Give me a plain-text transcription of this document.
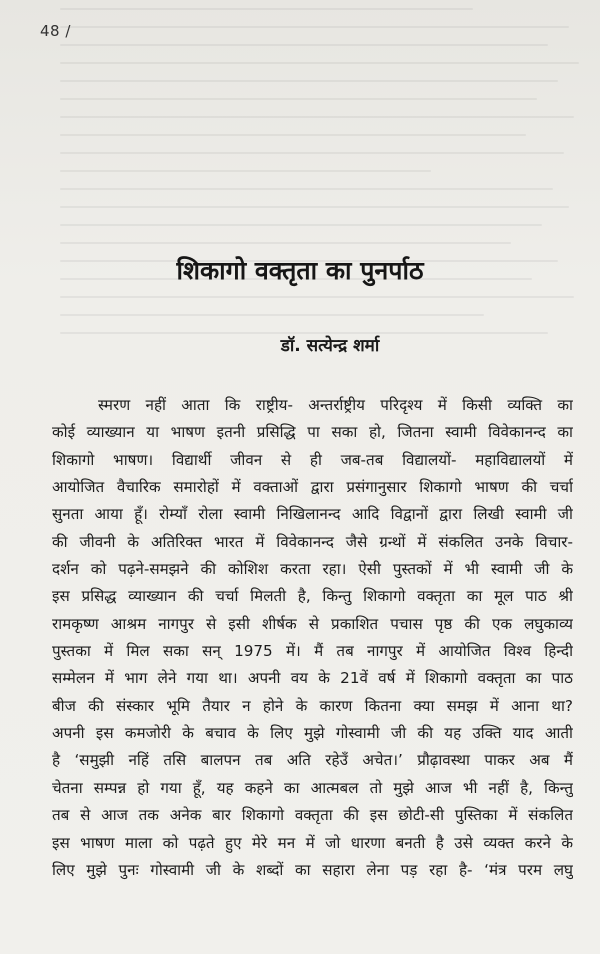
48 /
शिकागो वक्तृता का पुनर्पाठ
डॉ. सत्येन्द्र शर्मा
स्मरण नहीं आता कि राष्ट्रीय- अन्तर्राष्ट्रीय परिदृश्य में किसी व्यक्ति का
कोई व्याख्यान या भाषण इतनी प्रसिद्धि पा सका हो, जितना स्वामी विवेकानन्द का
शिकागो भाषण। विद्यार्थी जीवन से ही जब-तब विद्यालयों- महाविद्यालयों में
आयोजित वैचारिक समारोहों में वक्ताओं द्वारा प्रसंगानुसार शिकागो भाषण की चर्चा
सुनता आया हूँ। रोम्याँ रोला स्वामी निखिलानन्द आदि विद्वानों द्वारा लिखी स्वामी जी
की जीवनी के अतिरिक्त भारत में विवेकानन्द जैसे ग्रन्थों में संकलित उनके विचार-
दर्शन को पढ़ने-समझने की कोशिश करता रहा। ऐसी पुस्तकों में भी स्वामी जी के
इस प्रसिद्ध व्याख्यान की चर्चा मिलती है, किन्तु शिकागो वक्तृता का मूल पाठ श्री
रामकृष्ण आश्रम नागपुर से इसी शीर्षक से प्रकाशित पचास पृष्ठ की एक लघुकाव्य
पुस्तका में मिल सका सन् 1975 में। मैं तब नागपुर में आयोजित विश्व हिन्दी
सम्मेलन में भाग लेने गया था। अपनी वय के 21वें वर्ष में शिकागो वक्तृता का पाठ
बीज की संस्कार भूमि तैयार न होने के कारण कितना क्या समझ में आना था?
अपनी इस कमजोरी के बचाव के लिए मुझे गोस्वामी जी की यह उक्ति याद आती
है ‘समुझी नहिं तसि बालपन तब अति रहेउँ अचेत।’ प्रौढ़ावस्था पाकर अब मैं
चेतना सम्पन्न हो गया हूँ, यह कहने का आत्मबल तो मुझे आज भी नहीं है, किन्तु
तब से आज तक अनेक बार शिकागो वक्तृता की इस छोटी-सी पुस्तिका में संकलित
इस भाषण माला को पढ़ते हुए मेरे मन में जो धारणा बनती है उसे व्यक्त करने के
लिए मुझे पुनः गोस्वामी जी के शब्दों का सहारा लेना पड़ रहा है- ‘मंत्र परम लघु
